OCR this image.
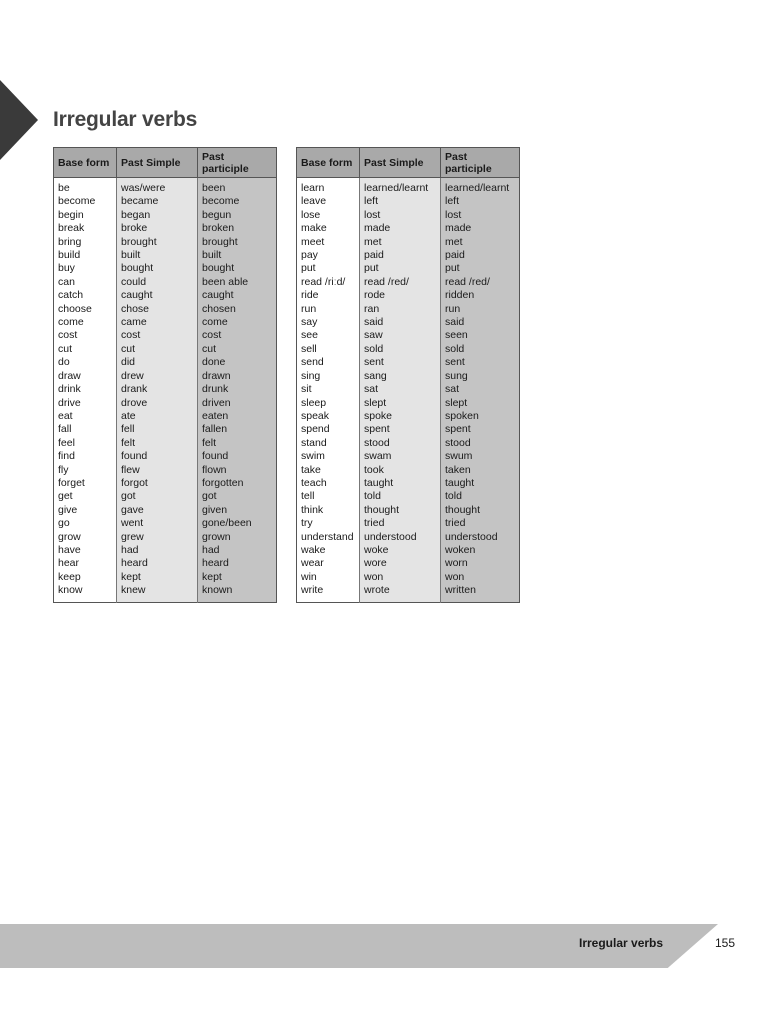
Irregular verbs
Base form	Past Simple	Past participle
be	was/were	been
become	became	become
begin	began	begun
break	broke	broken
bring	brought	brought
build	built	built
buy	bought	bought
can	could	been able
catch	caught	caught
choose	chose	chosen
come	came	come
cost	cost	cost
cut	cut	cut
do	did	done
draw	drew	drawn
drink	drank	drunk
drive	drove	driven
eat	ate	eaten
fall	fell	fallen
feel	felt	felt
find	found	found
fly	flew	flown
forget	forgot	forgotten
get	got	got
give	gave	given
go	went	gone/been
grow	grew	grown
have	had	had
hear	heard	heard
keep	kept	kept
know	knew	known
Base form	Past Simple	Past participle
learn	learned/learnt	learned/learnt
leave	left	left
lose	lost	lost
make	made	made
meet	met	met
pay	paid	paid
put	put	put
read /riːd/	read /red/	read /red/
ride	rode	ridden
run	ran	run
say	said	said
see	saw	seen
sell	sold	sold
send	sent	sent
sing	sang	sung
sit	sat	sat
sleep	slept	slept
speak	spoke	spoken
spend	spent	spent
stand	stood	stood
swim	swam	swum
take	took	taken
teach	taught	taught
tell	told	told
think	thought	thought
try	tried	tried
understand	understood	understood
wake	woke	woken
wear	wore	worn
win	won	won
write	wrote	written
Irregular verbs	155
